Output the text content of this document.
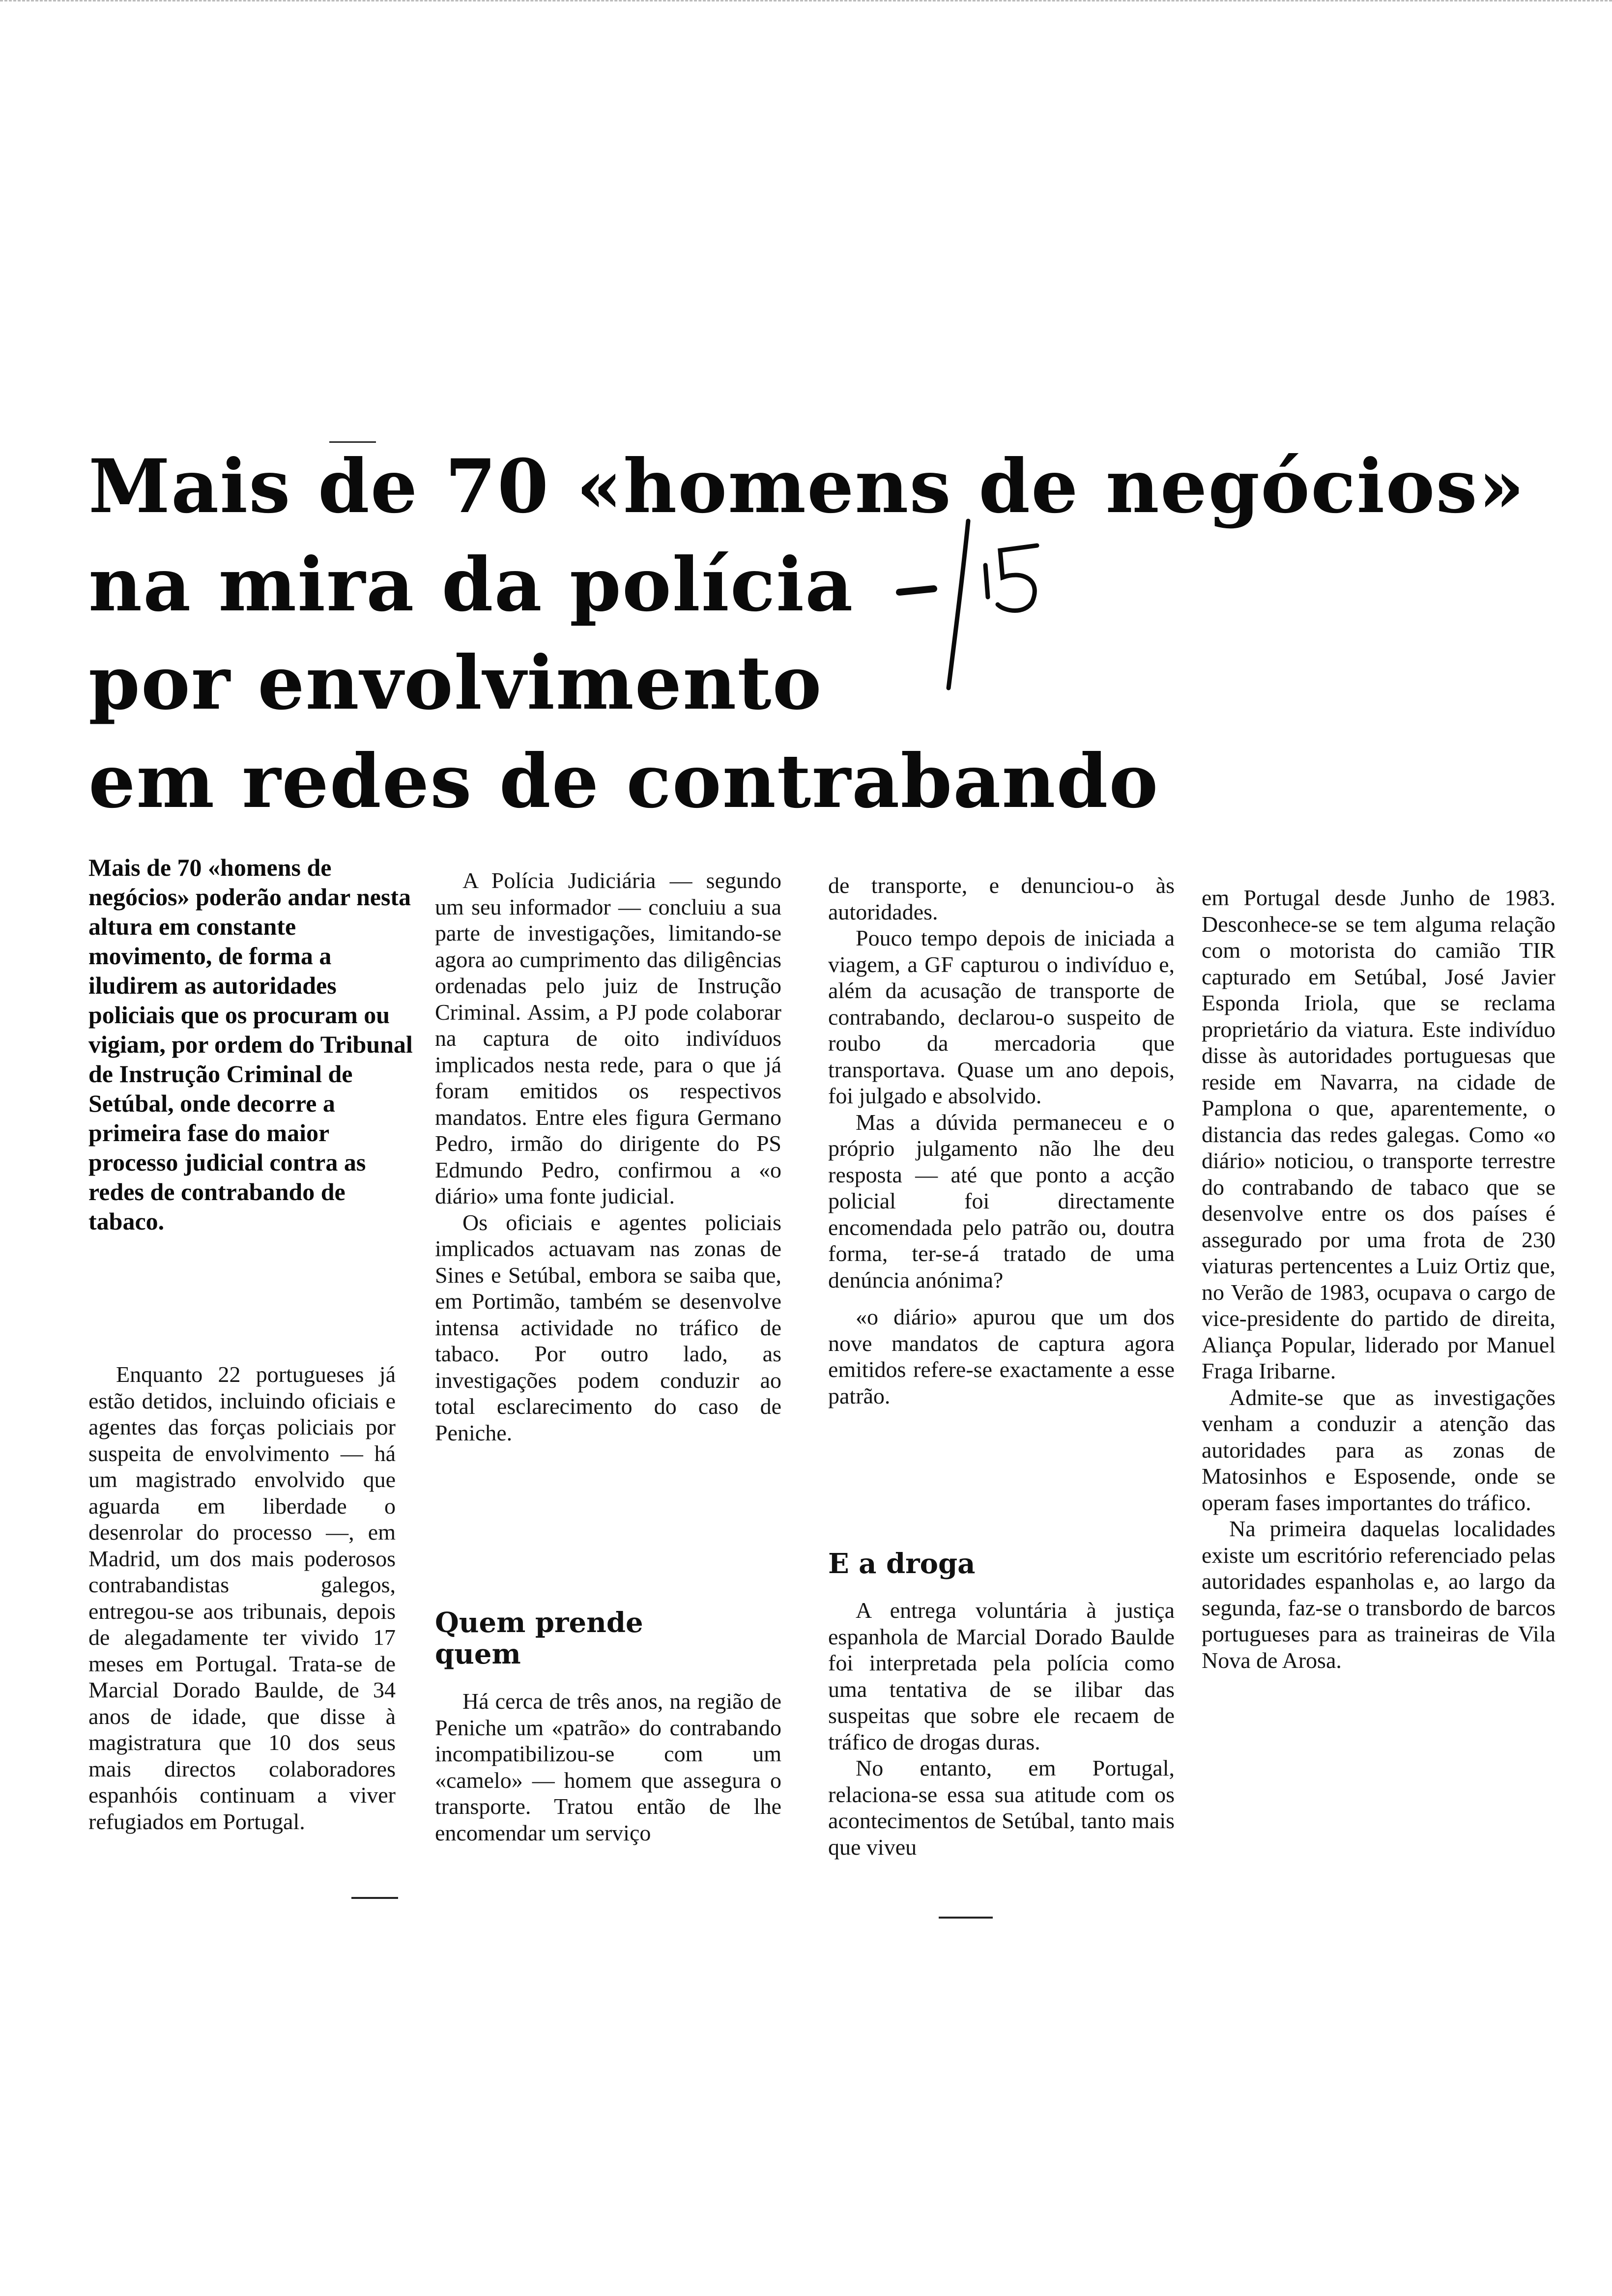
Mais de 70 «homens de negócios»
na mira da polícia
por envolvimento
em redes de contrabando
Mais de 70 «homens de negócios» poderão andar nesta altura em constante movimento, de forma a iludirem as autoridades policiais que os procuram ou vigiam, por ordem do Tribunal de Instrução Criminal de Setúbal, onde decorre a primeira fase do maior processo judicial contra as redes de contrabando de tabaco.

Enquanto 22 portugueses já estão detidos, incluindo oficiais e agentes das forças policiais por suspeita de envolvimento — há um magistrado envolvido que aguarda em liberdade o desenrolar do processo —, em Madrid, um dos mais poderosos contrabandistas galegos, entregou-se aos tribunais, depois de alegadamente ter vivido 17 meses em Portugal. Trata-se de Marcial Dorado Baulde, de 34 anos de idade, que disse à magistratura que 10 dos seus mais directos colaboradores espanhóis continuam a viver refugiados em Portugal.

A Polícia Judiciária — segundo um seu informador — concluiu a sua parte de investigações, limitando-se agora ao cumprimento das diligências ordenadas pelo juiz de Instrução Criminal. Assim, a PJ pode colaborar na captura de oito indivíduos implicados nesta rede, para o que já foram emitidos os respectivos mandatos. Entre eles figura Germano Pedro, irmão do dirigente do PS Edmundo Pedro, confirmou a «o diário» uma fonte judicial.

Os oficiais e agentes policiais implicados actuavam nas zonas de Sines e Setúbal, embora se saiba que, em Portimão, também se desenvolve intensa actividade no tráfico de tabaco. Por outro lado, as investigações podem conduzir ao total esclarecimento do caso de Peniche.

Quem prende quem

Há cerca de três anos, na região de Peniche um «patrão» do contrabando incompatibilizou-se com um «camelo» — homem que assegura o transporte. Tratou então de lhe encomendar um serviço

de transporte, e denunciou-o às autoridades.

Pouco tempo depois de iniciada a viagem, a GF capturou o indivíduo e, além da acusação de transporte de contrabando, declarou-o suspeito de roubo da mercadoria que transportava. Quase um ano depois, foi julgado e absolvido.

Mas a dúvida permaneceu e o próprio julgamento não lhe deu resposta — até que ponto a acção policial foi directamente encomendada pelo patrão ou, doutra forma, ter-se-á tratado de uma denúncia anónima?

«o diário» apurou que um dos nove mandatos de captura agora emitidos refere-se exactamente a esse patrão.

E a droga

A entrega voluntária à justiça espanhola de Marcial Dorado Baulde foi interpretada pela polícia como uma tentativa de se ilibar das suspeitas que sobre ele recaem de tráfico de drogas duras.

No entanto, em Portugal, relaciona-se essa sua atitude com os acontecimentos de Setúbal, tanto mais que viveu

em Portugal desde Junho de 1983. Desconhece-se se tem alguma relação com o motorista do camião TIR capturado em Setúbal, José Javier Esponda Iriola, que se reclama proprietário da viatura. Este indivíduo disse às autoridades portuguesas que reside em Navarra, na cidade de Pamplona o que, aparentemente, o distancia das redes galegas. Como «o diário» noticiou, o transporte terrestre do contrabando de tabaco que se desenvolve entre os dos países é assegurado por uma frota de 230 viaturas pertencentes a Luiz Ortiz que, no Verão de 1983, ocupava o cargo de vice-presidente do partido de direita, Aliança Popular, liderado por Manuel Fraga Iribarne.

Admite-se que as investigações venham a conduzir a atenção das autoridades para as zonas de Matosinhos e Esposende, onde se operam fases importantes do tráfico.

Na primeira daquelas localidades existe um escritório referenciado pelas autoridades espanholas e, ao largo da segunda, faz-se o transbordo de barcos portugueses para as traineiras de Vila Nova de Arosa.
